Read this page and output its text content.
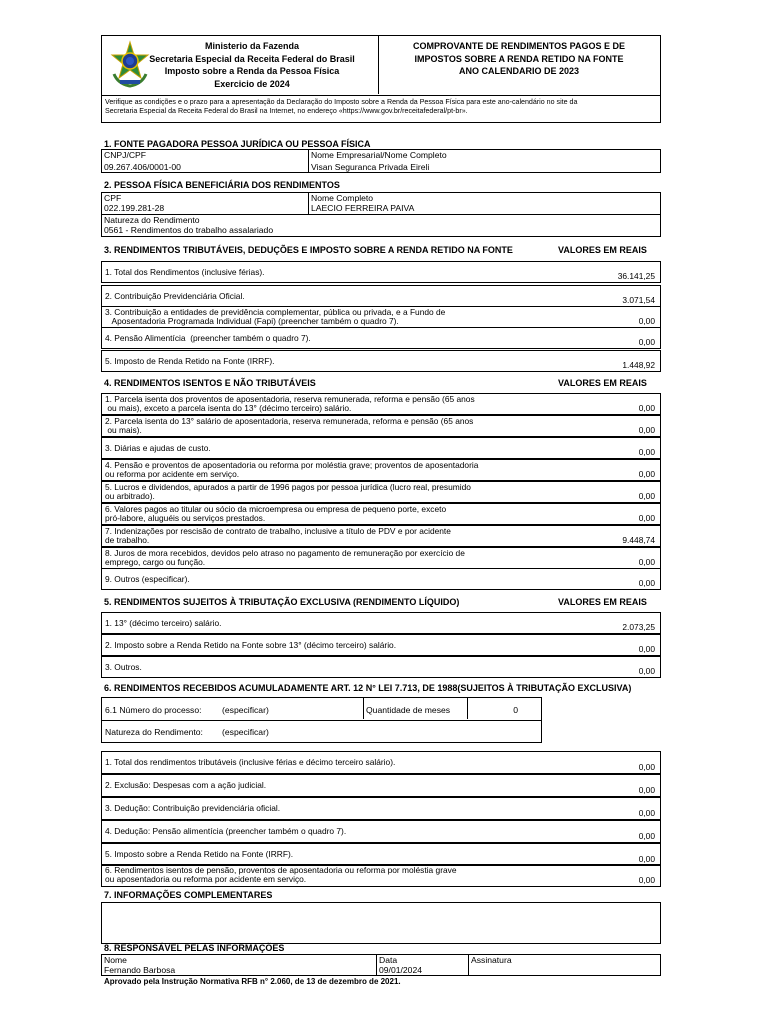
Ministerio da Fazenda
Secretaria Especial da Receita Federal do Brasil
Imposto sobre a Renda da Pessoa Física
Exercicio de 2024
COMPROVANTE DE RENDIMENTOS PAGOS E DE
IMPOSTOS SOBRE A RENDA RETIDO NA FONTE
ANO CALENDARIO DE 2023
Verifique as condições e o prazo para a apresentação da Declaração do Imposto sobre a Renda da Pessoa Física para este ano-calendário no site da
Secretaria Especial da Receita Federal do Brasil na Internet, no endereço «https://www.gov.br/receitafederal/pt-br».
1. FONTE PAGADORA PESSOA JURÍDICA OU PESSOA FÍSICA
CNPJ/CPF
09.267.406/0001-00
Nome Empresarial/Nome Completo
Visan Seguranca Privada Eireli
2. PESSOA FÍSICA BENEFICIÁRIA DOS RENDIMENTOS
CPF
022.199.281-28
Nome Completo
LAECIO FERREIRA PAIVA
Natureza do Rendimento
0561 - Rendimentos do trabalho assalariado
3. RENDIMENTOS TRIBUTÁVEIS, DEDUÇÕES E IMPOSTO SOBRE A RENDA RETIDO NA FONTE	VALORES EM REAIS
1. Total dos Rendimentos (inclusive férias).	36.141,25
2. Contribuição Previdenciária Oficial.	3.071,54
3. Contribuição a entidades de previdência complementar, pública ou privada, e a Fundo de
Aposentadoria Programada Individual (Fapi) (preencher também o quadro 7).	0,00
4. Pensão Alimentícia  (preencher também o quadro 7).	0,00
5. Imposto de Renda Retido na Fonte (IRRF).	1.448,92
4. RENDIMENTOS ISENTOS E NÃO TRIBUTÁVEIS	VALORES EM REAIS
1. Parcela isenta dos proventos de aposentadoria, reserva remunerada, reforma e pensão (65 anos
ou mais), exceto a parcela isenta do 13° (décimo terceiro) salário.	0,00
2. Parcela isenta do 13° salário de aposentadoria, reserva remunerada, reforma e pensão (65 anos
ou mais).	0,00
3. Diárias e ajudas de custo.	0,00
4. Pensão e proventos de aposentadoria ou reforma por moléstia grave; proventos de aposentadoria
ou reforma por acidente em serviço.	0,00
5. Lucros e dividendos, apurados a partir de 1996 pagos por pessoa jurídica (lucro real, presumido
ou arbitrado).	0,00
6. Valores pagos ao titular ou sócio da microempresa ou empresa de pequeno porte, exceto
pró-labore, aluguéis ou serviços prestados.	0,00
7. Indenizações por rescisão de contrato de trabalho, inclusive a título de PDV e por acidente
de trabalho.	9.448,74
8. Juros de mora recebidos, devidos pelo atraso no pagamento de remuneração por exercício de
emprego, cargo ou função.	0,00
9. Outros (especificar).	0,00
5. RENDIMENTOS SUJEITOS À TRIBUTAÇÃO EXCLUSIVA (RENDIMENTO LÍQUIDO)	VALORES EM REAIS
1. 13° (décimo terceiro) salário.	2.073,25
2. Imposto sobre a Renda Retido na Fonte sobre 13° (décimo terceiro) salário.	0,00
3. Outros.	0,00
6. RENDIMENTOS RECEBIDOS ACUMULADAMENTE ART. 12 N° LEI 7.713, DE 1988(SUJEITOS À TRIBUTAÇÃO EXCLUSIVA)
6.1 Número do processo: (especificar)	Quantidade de meses	0
Natureza do Rendimento: (especificar)
1. Total dos rendimentos tributáveis (inclusive férias e décimo terceiro salário).	0,00
2. Exclusão: Despesas com a ação judicial.	0,00
3. Dedução: Contribuição previdenciária oficial.	0,00
4. Dedução: Pensão alimentícia (preencher também o quadro 7).	0,00
5. Imposto sobre a Renda Retido na Fonte (IRRF).	0,00
6. Rendimentos isentos de pensão, proventos de aposentadoria ou reforma por moléstia grave
ou aposentadoria ou reforma por acidente em serviço.	0,00
7. INFORMAÇÕES COMPLEMENTARES
8. RESPONSÁVEL PELAS INFORMAÇÕES
Nome
Fernando Barbosa
Data
09/01/2024
Assinatura
Aprovado pela Instrução Normativa RFB n° 2.060, de 13 de dezembro de 2021.
